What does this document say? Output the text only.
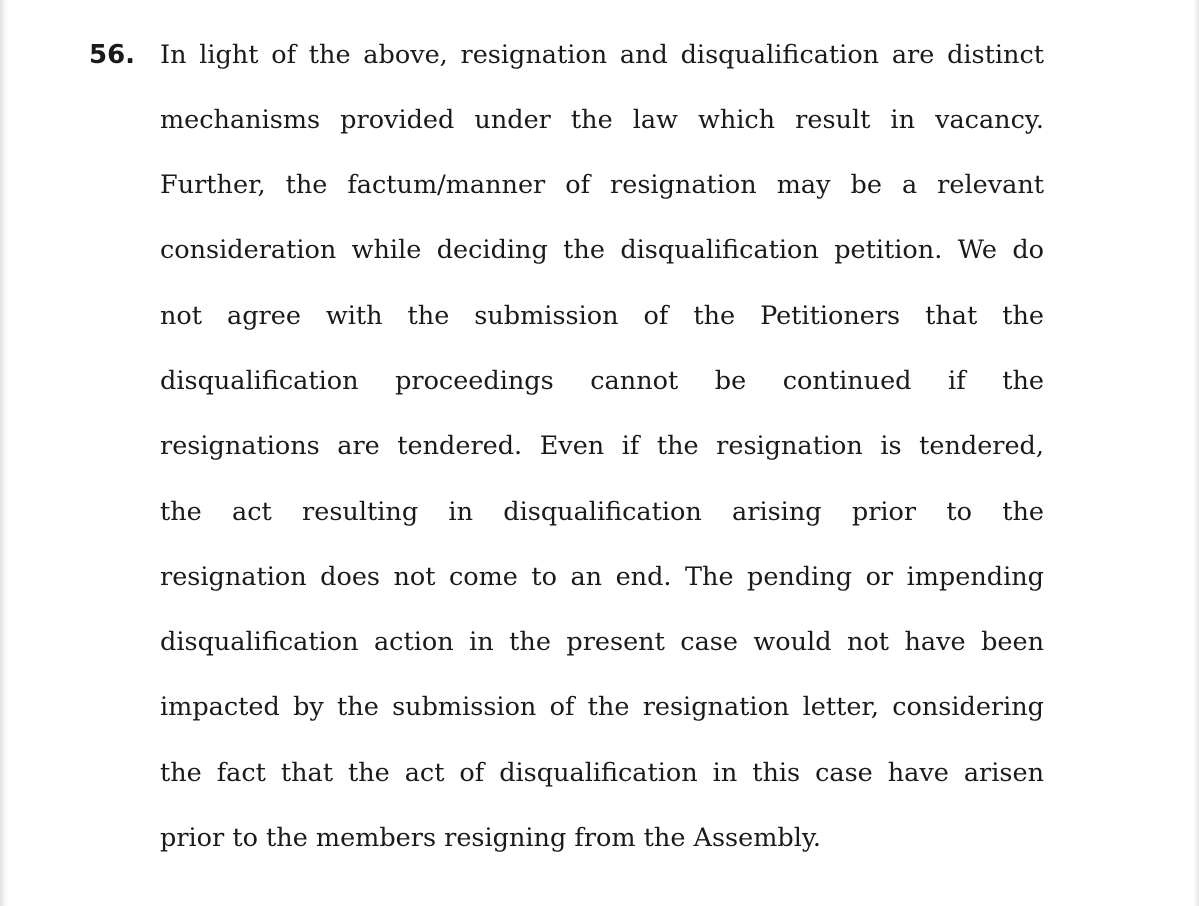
56. In light of the above, resignation and disqualification are distinct
mechanisms provided under the law which result in vacancy.
Further, the factum/manner of resignation may be a relevant
consideration while deciding the disqualification petition. We do
not agree with the submission of the Petitioners that the
disqualification proceedings cannot be continued if the
resignations are tendered. Even if the resignation is tendered,
the act resulting in disqualification arising prior to the
resignation does not come to an end. The pending or impending
disqualification action in the present case would not have been
impacted by the submission of the resignation letter, considering
the fact that the act of disqualification in this case have arisen
prior to the members resigning from the Assembly.
